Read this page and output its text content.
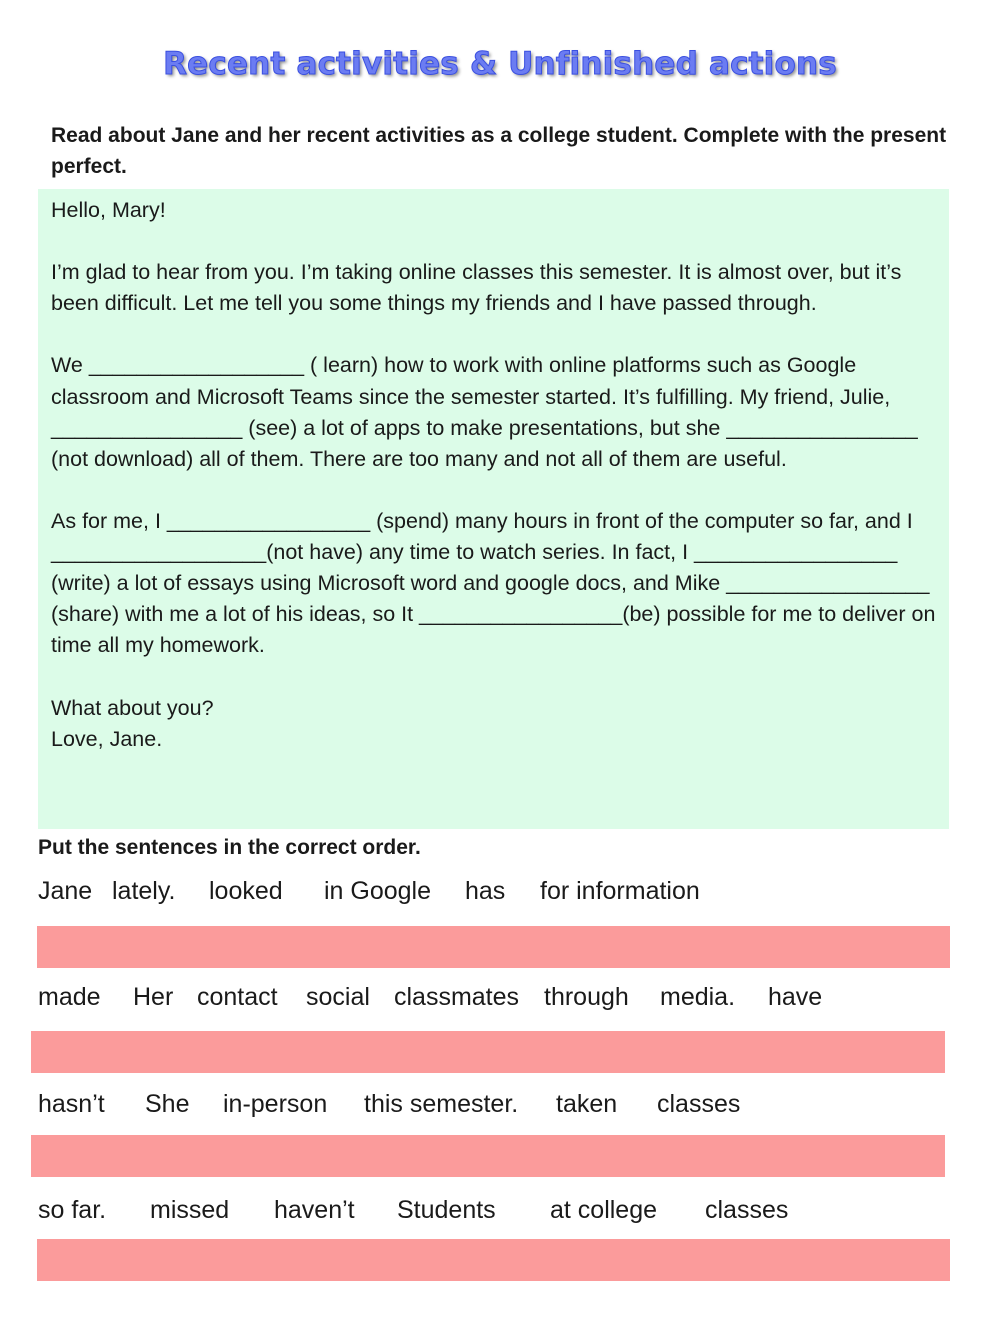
Recent activities & Unfinished actions
Read about Jane and her recent activities as a college student. Complete with the present perfect.

Hello, Mary!

I’m glad to hear from you. I’m taking online classes this semester. It is almost over, but it’s been difficult. Let me tell you some things my friends and I have passed through.

We __________________ ( learn) how to work with online platforms such as Google classroom and Microsoft Teams since the semester started. It’s fulfilling. My friend, Julie, ________________ (see) a lot of apps to make presentations, but she ________________ (not download) all of them. There are too many and not all of them are useful.

As for me, I _________________ (spend) many hours in front of the computer so far, and I __________________(not have) any time to watch series. In fact, I _________________ (write) a lot of essays using Microsoft word and google docs, and Mike _________________ (share) with me a lot of his ideas, so It _________________(be) possible for me to deliver on time all my homework.

What about you?

Love, Jane.

Put the sentences in the correct order.
Jane lately. looked in Google has for information
made Her contact social classmates through media. have
hasn’t She in-person this semester. taken classes
so far. missed haven’t Students at college classes
